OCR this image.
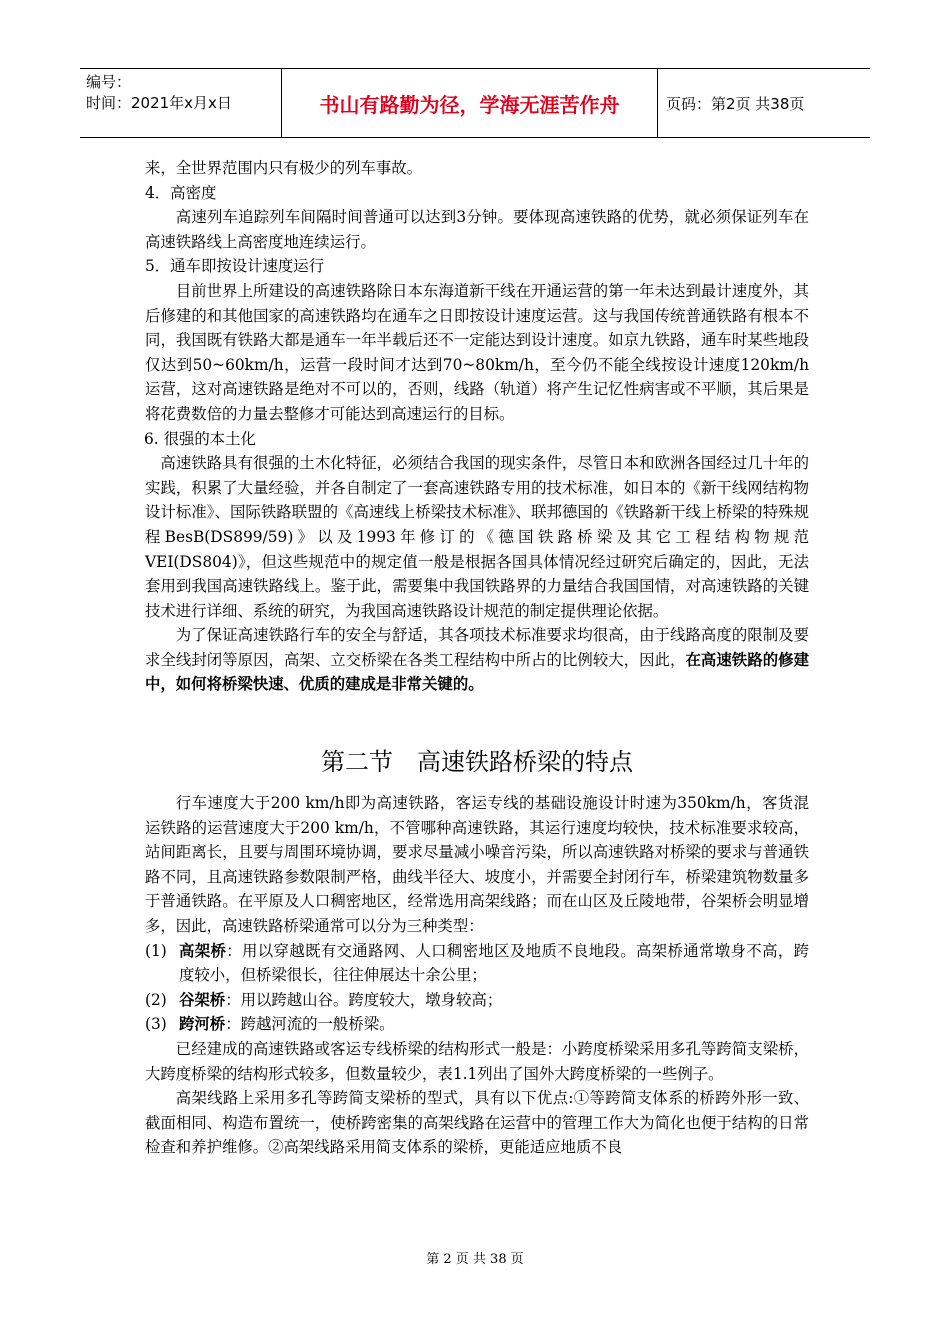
编号：
时间：2021年x月x日	书山有路勤为径，学海无涯苦作舟	页码：第2页 共38页

来，全世界范围内只有极少的列车事故。

4．高密度

高速列车追踪列车间隔时间普通可以达到3分钟。要体现高速铁路的优势，就必须保证列车在高速铁路线上高密度地连续运行。

5．通车即按设计速度运行

目前世界上所建设的高速铁路除日本东海道新干线在开通运营的第一年未达到最计速度外，其后修建的和其他国家的高速铁路均在通车之日即按设计速度运营。这与我国传统普通铁路有根本不同，我国既有铁路大都是通车一年半载后还不一定能达到设计速度。如京九铁路，通车时某些地段仅达到50~60km/h，运营一段时间才达到70~80km/h，至今仍不能全线按设计速度120km/h运营，这对高速铁路是绝对不可以的，否则，线路（轨道）将产生记忆性病害或不平顺，其后果是将花费数倍的力量去整修才可能达到高速运行的目标。

6. 很强的本土化

高速铁路具有很强的土木化特征，必须结合我国的现实条件，尽管日本和欧洲各国经过几十年的实践，积累了大量经验，并各自制定了一套高速铁路专用的技术标准，如日本的《新干线网结构物设计标准》、国际铁路联盟的《高速线上桥梁技术标准》、联邦德国的《铁路新干线上桥梁的特殊规程BesB(DS899/59)》以及1993年修订的《德国铁路桥梁及其它工程结构物规范VEI(DS804)》，但这些规范中的规定值一般是根据各国具体情况经过研究后确定的，因此，无法套用到我国高速铁路线上。鉴于此，需要集中我国铁路界的力量结合我国国情，对高速铁路的关键技术进行详细、系统的研究，为我国高速铁路设计规范的制定提供理论依据。

为了保证高速铁路行车的安全与舒适，其各项技术标准要求均很高，由于线路高度的限制及要求全线封闭等原因，高架、立交桥梁在各类工程结构中所占的比例较大，因此，在高速铁路的修建中，如何将桥梁快速、优质的建成是非常关键的。

第二节　高速铁路桥梁的特点

行车速度大于200 km/h即为高速铁路，客运专线的基础设施设计时速为350km/h，客货混运铁路的运营速度大于200 km/h，不管哪种高速铁路，其运行速度均较快，技术标准要求较高，站间距离长，且要与周围环境协调，要求尽量减小噪音污染，所以高速铁路对桥梁的要求与普通铁路不同，且高速铁路参数限制严格，曲线半径大、坡度小，并需要全封闭行车，桥梁建筑物数量多于普通铁路。在平原及人口稠密地区，经常选用高架线路；而在山区及丘陵地带，谷架桥会明显增多，因此，高速铁路桥梁通常可以分为三种类型：

(1) 高架桥：用以穿越既有交通路网、人口稠密地区及地质不良地段。高架桥通常墩身不高，跨度较小，但桥梁很长，往往伸展达十余公里；
(2) 谷架桥：用以跨越山谷。跨度较大，墩身较高；
(3) 跨河桥：跨越河流的一般桥梁。

已经建成的高速铁路或客运专线桥梁的结构形式一般是：小跨度桥梁采用多孔等跨简支梁桥，大跨度桥梁的结构形式较多，但数量较少，表1.1列出了国外大跨度桥梁的一些例子。

高架线路上采用多孔等跨简支梁桥的型式，具有以下优点:①等跨简支体系的桥跨外形一致、截面相同、构造布置统一，使桥跨密集的高架线路在运营中的管理工作大为简化也便于结构的日常检查和养护维修。②高架线路采用简支体系的梁桥，更能适应地质不良

第 2 页 共 38 页
